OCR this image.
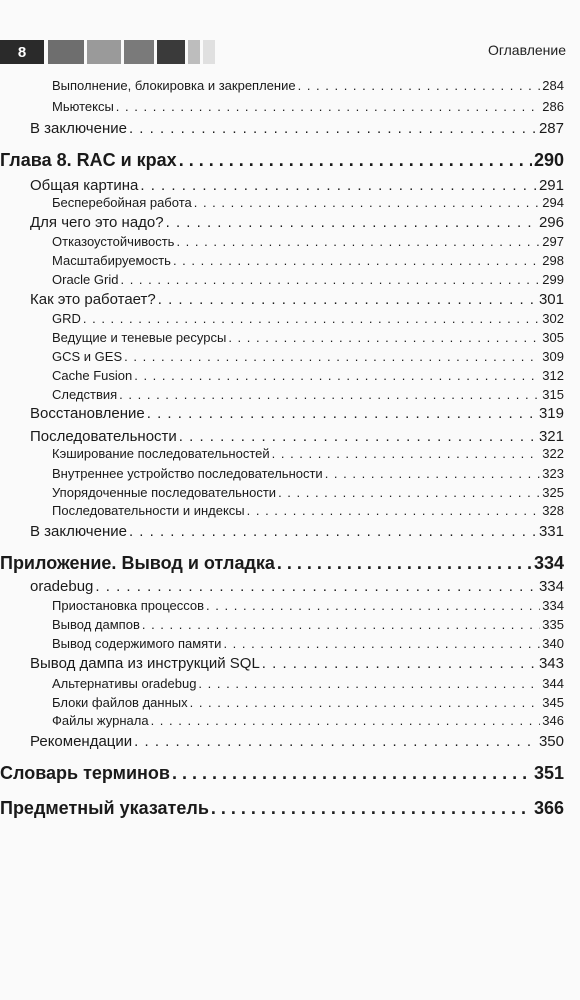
8	Оглавление
Выполнение, блокировка и закрепление . . .	284
Мьютексы . . .	286
В заключение . . .	287
Глава 8. RAC и крах . . .	290
Общая картина . . .	291
Бесперебойная работа . . .	294
Для чего это надо? . . .	296
Отказоустойчивость . . .	297
Масштабируемость . . .	298
Oracle Grid . . .	299
Как это работает? . . .	301
GRD . . .	302
Ведущие и теневые ресурсы . . .	305
GCS и GES . . .	309
Cache Fusion . . .	312
Следствия . . .	315
Восстановление . . .	319
Последовательности . . .	321
Кэширование последовательностей . . .	322
Внутреннее устройство последовательности . . .	323
Упорядоченные последовательности . . .	325
Последовательности и индексы . . .	328
В заключение . . .	331
Приложение. Вывод и отладка . . .	334
oradebug . . .	334
Приостановка процессов . . .	334
Вывод дампов . . .	335
Вывод содержимого памяти . . .	340
Вывод дампа из инструкций SQL . . .	343
Альтернативы oradebug . . .	344
Блоки файлов данных . . .	345
Файлы журнала . . .	346
Рекомендации . . .	350
Словарь терминов . . .	351
Предметный указатель . . .	366
